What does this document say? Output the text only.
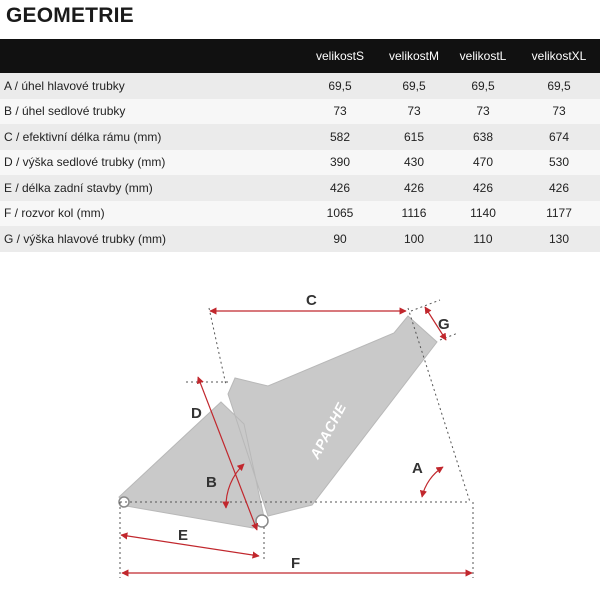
GEOMETRIE
	velikostS	velikostM	velikostL	velikostXL
A / úhel hlavové trubky	69,5	69,5	69,5	69,5
B / úhel sedlové trubky	73	73	73	73
C / efektivní délka rámu (mm)	582	615	638	674
D / výška sedlové trubky (mm)	390	430	470	530
E / délka zadní stavby (mm)	426	426	426	426
F / rozvor kol (mm)	1065	1116	1140	1177
G / výška hlavové trubky (mm)	90	100	110	130
APACHE
C
G
D
B
A
E
F
